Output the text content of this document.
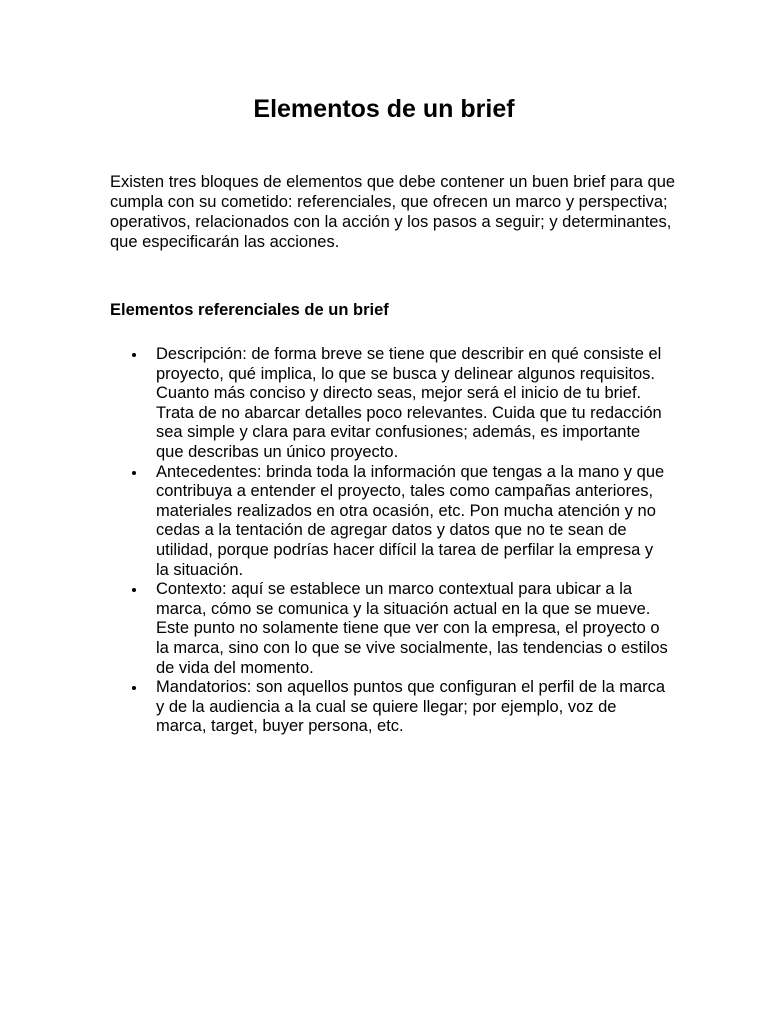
Elementos de un brief

Existen tres bloques de elementos que debe contener un buen brief para que cumpla con su cometido: referenciales, que ofrecen un marco y perspectiva; operativos, relacionados con la acción y los pasos a seguir; y determinantes, que especificarán las acciones.

Elementos referenciales de un brief
Descripción: de forma breve se tiene que describir en qué consiste el proyecto, qué implica, lo que se busca y delinear algunos requisitos. Cuanto más conciso y directo seas, mejor será el inicio de tu brief. Trata de no abarcar detalles poco relevantes. Cuida que tu redacción sea simple y clara para evitar confusiones; además, es importante que describas un único proyecto.
Antecedentes: brinda toda la información que tengas a la mano y que contribuya a entender el proyecto, tales como campañas anteriores, materiales realizados en otra ocasión, etc. Pon mucha atención y no cedas a la tentación de agregar datos y datos que no te sean de utilidad, porque podrías hacer difícil la tarea de perfilar la empresa y la situación.
Contexto: aquí se establece un marco contextual para ubicar a la marca, cómo se comunica y la situación actual en la que se mueve. Este punto no solamente tiene que ver con la empresa, el proyecto o la marca, sino con lo que se vive socialmente, las tendencias o estilos de vida del momento.
Mandatorios: son aquellos puntos que configuran el perfil de la marca y de la audiencia a la cual se quiere llegar; por ejemplo, voz de marca, target, buyer persona, etc.
